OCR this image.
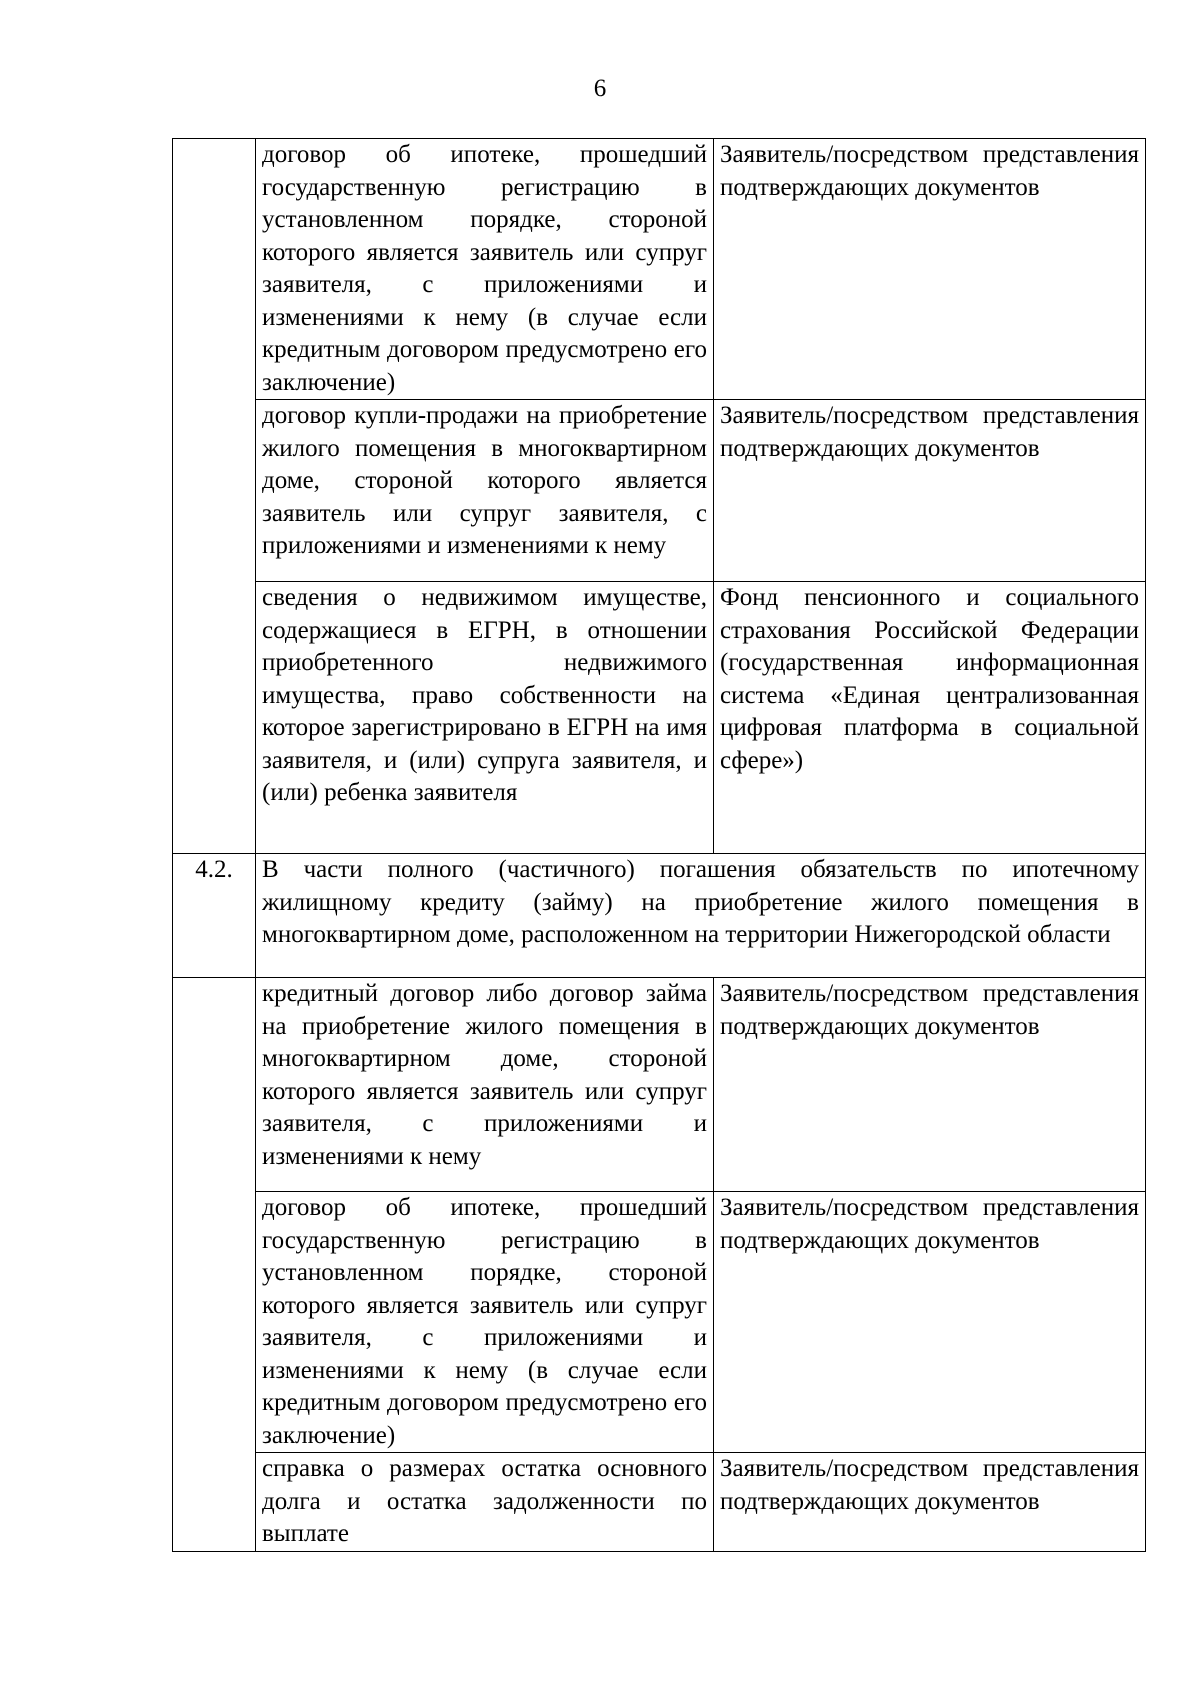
6
	договор об ипотеке, прошедший государственную регистрацию в установленном порядке, стороной которого является заявитель или супруг заявителя, с приложениями и изменениями к нему (в случае если кредитным договором предусмотрено его заключение)	Заявитель/посредством представления подтверждающих документов
	договор купли-продажи на приобретение жилого помещения в многоквартирном доме, стороной которого является заявитель или супруг заявителя, с приложениями и изменениями к нему	Заявитель/посредством представления подтверждающих документов
	сведения о недвижимом имуществе, содержащиеся в ЕГРН, в отношении приобретенного недвижимого имущества, право собственности на которое зарегистрировано в ЕГРН на имя заявителя, и (или) супруга заявителя, и (или) ребенка заявителя	Фонд пенсионного и социального страхования Российской Федерации (государственная информационная система «Единая централизованная цифровая платформа в социальной сфере»)
4.2.	В части полного (частичного) погашения обязательств по ипотечному жилищному кредиту (займу) на приобретение жилого помещения в многоквартирном доме, расположенном на территории Нижегородской области	
	кредитный договор либо договор займа на приобретение жилого помещения в многоквартирном доме, стороной которого является заявитель или супруг заявителя, с приложениями и изменениями к нему	Заявитель/посредством представления подтверждающих документов
	договор об ипотеке, прошедший государственную регистрацию в установленном порядке, стороной которого является заявитель или супруг заявителя, с приложениями и изменениями к нему (в случае если кредитным договором предусмотрено его заключение)	Заявитель/посредством представления подтверждающих документов
	справка о размерах остатка основного долга и остатка задолженности по выплате	Заявитель/посредством представления подтверждающих документов
